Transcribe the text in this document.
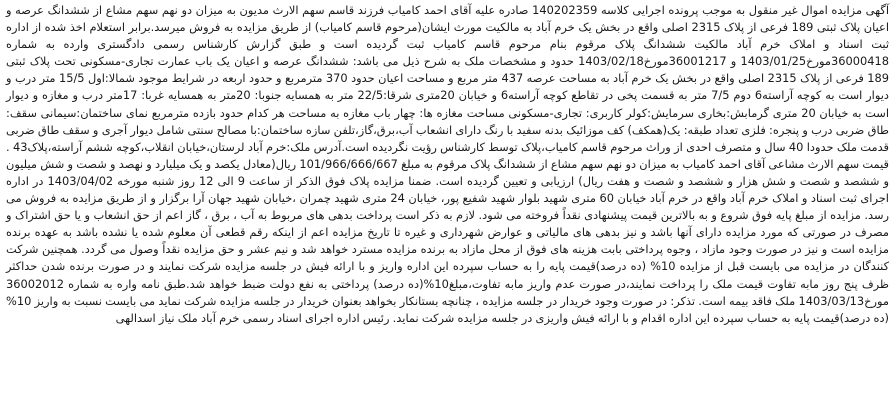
آگهی مزایده اموال غیر منقول به موجب پرونده اجرایی کلاسه 140202359 صادره علیه آقای احمد کامیاب فرزند قاسم سهم الارث مدیون به میزان دو نهم سهم مشاع از ششدانگ عرصه و اعیان پلاک ثبتی 189 فرعی از پلاک 2315 اصلی واقع در بخش یک خرم آباد به مالکیت مورث ایشان(مرحوم قاسم کامیاب) از طریق مزایده به فروش میرسد.برابر استعلام اخذ شده از اداره ثبت اسناد و املاک خرم آباد مالکیت ششدانگ پلاک مرقوم بنام مرحوم قاسم کامیاب ثبت گردیده است و طبق گزارش کارشناس رسمی دادگستری وارده به شماره 36000418مورخ1403/01/25 و 36001217مورخ1403/02/18 حدود و مشخصات ملک به شرح ذیل می باشد: ششدانگ عرصه و اعیان یک باب عمارت تجاری-مسکونی تحت پلاک ثبتی 189 فرعی از پلاک 2315 اصلی واقع در بخش یک خرم آباد به مساحت عرصه 437 متر مربع و مساحت اعیان حدود 370 مترمربع و حدود اربعه در شرایط موجود شمالا:اول 15/5 متر درب و دیوار است به کوچه آراسته6 دوم 7/5 متر به قسمت پخی در تقاطع کوچه آراسته6 و خیابان 20متری شرقا:22/5 متر به همسایه جنوبا: 20متر به همسایه غربا: 17متر درب و مغازه و دیوار است به خیابان 20 متری گرمابش:بخاری سرمایش:کولر کاربری: تجاری-مسکونی مساحت مغازه ها: چهار باب مغازه به مساحت هر کدام حدود بازده مترمربع نمای ساختمان:سیمانی سقف: طاق ضربی درب و پنجره: فلزی تعداد طبقه: یک(همکف) کف موزائیک بدنه سفید با رنگ دارای انشعاب آب،برق،گاز،تلفن سازه ساختمان:با مصالح سنتی شامل دیوار آجری و سقف طاق ضربی قدمت ملک حدودا 40 سال و متصرف احدی از وراث مرحوم قاسم کامیاب،پلاک توسط کارشناس رؤیت نگردیده است.آدرس ملک:خرم آباد لرستان،خیابان انقلاب،کوچه ششم آراسته،پلاک43 . قیمت سهم الارث مشاعی آقای احمد کامیاب به میزان دو نهم سهم مشاع از ششدانگ پلاک مرقوم به مبلغ 101/966/666/667 ریال(معادل یکصد و یک میلیارد و نهصد و شصت و شش میلیون و ششصد و شصت و شش هزار و ششصد و شصت و هفت ریال) ارزیابی و تعیین گردیده است. ضمنا مزایده پلاک فوق الذکر از ساعت 9 الی 12 روز شنبه مورخه 1403/04/02 در اداره اجرای ثبت اسناد و املاک خرم آباد واقع در خرم آباد خیابان 60 متری شهید بلوار شهید شفیع پور، خیابان 24 متری شهید چمران ،خیابان شهید جهان آرا برگزار و از طریق مزایده به فروش می رسد. مزایده از مبلغ پایه فوق شروع و به بالاترین قیمت پیشنهادی نقداً فروخته می شود. لازم به ذکر است پرداخت بدهی های مربوط به آب ، برق ، گاز اعم از حق انشعاب و یا حق اشتراک و مصرف در صورتی که مورد مزایده دارای آنها باشد و نیز بدهی های مالیاتی و عوارض شهرداری و غیره تا تاریخ مزایده اعم از اینکه رقم قطعی آن معلوم شده یا نشده باشد به عهده برنده مزایده است و نیز در صورت وجود مازاد ، وجوه پرداختی بابت هزینه های فوق از محل مازاد به برنده مزایده مسترد خواهد شد و نیم عشر و حق مزایده نقداً وصول می گردد. همچنین شرکت کنندگان در مزایده می بایست قبل از مزایده 10% (ده درصد)قیمت پایه را به حساب سپرده این اداره واریز و با ارائه فیش در جلسه مزایده شرکت نمایند و در صورت برنده شدن حداکثر ظرف پنج روز مابه تفاوت قیمت ملک را پرداخت نمایند،در صورت عدم واریز مابه تفاوت،مبلغ10%(ده درصد) پرداختی به نفع دولت ضبط خواهد شد.طبق نامه واره به شماره 36002012 مورخ1403/03/13 ملک فاقد بیمه است. تذکر: در صورت وجود خریدار در جلسه مزایده ، چنانچه بستانکار بخواهد بعنوان خریدار در جلسه مزایده شرکت نماید می بایست نسبت به واریز 10% (ده درصد)قیمت پایه به حساب سپرده این اداره اقدام و با ارائه فیش واریزی در جلسه مزایده شرکت نماید. رئیس اداره اجرای اسناد رسمی خرم آباد ملک نیاز اسدالهی
